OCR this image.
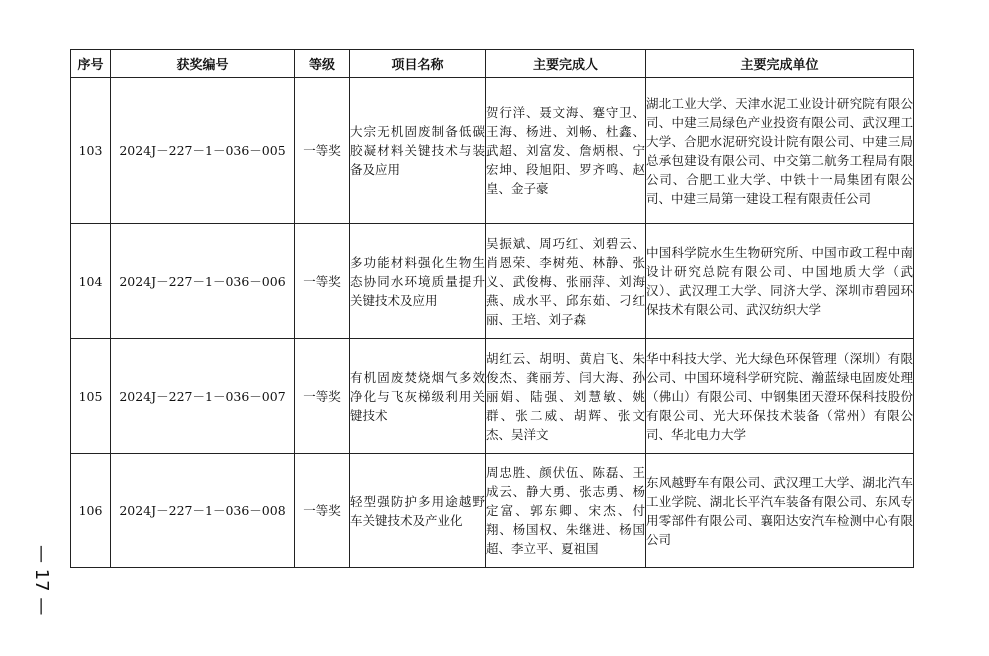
序号	获奖编号	等级	项目名称	主要完成人	主要完成单位
103	2024J－227－1－036－005	一等奖	大宗无机固废制备低碳胶凝材料关键技术与装备及应用	贺行洋、聂文海、蹇守卫、王海、杨进、刘畅、杜鑫、武超、刘富发、詹炳根、宁宏坤、段旭阳、罗齐鸣、赵皇、金子豪	湖北工业大学、天津水泥工业设计研究院有限公司、中建三局绿色产业投资有限公司、武汉理工大学、合肥水泥研究设计院有限公司、中建三局总承包建设有限公司、中交第二航务工程局有限公司、合肥工业大学、中铁十一局集团有限公司、中建三局第一建设工程有限责任公司
104	2024J－227－1－036－006	一等奖	多功能材料强化生物生态协同水环境质量提升关键技术及应用	吴振斌、周巧红、刘碧云、肖恩荣、李树苑、林静、张义、武俊梅、张丽萍、刘海燕、成水平、邱东茹、刁红丽、王培、刘子森	中国科学院水生生物研究所、中国市政工程中南设计研究总院有限公司、中国地质大学（武汉）、武汉理工大学、同济大学、深圳市碧园环保技术有限公司、武汉纺织大学
105	2024J－227－1－036－007	一等奖	有机固废焚烧烟气多效净化与飞灰梯级利用关键技术	胡红云、胡明、黄启飞、朱俊杰、龚丽芳、闫大海、孙丽娟、陆强、刘慧敏、姚群、张二威、胡辉、张文杰、吴洋文	华中科技大学、光大绿色环保管理（深圳）有限公司、中国环境科学研究院、瀚蓝绿电固废处理（佛山）有限公司、中钢集团天澄环保科技股份有限公司、光大环保技术装备（常州）有限公司、华北电力大学
106	2024J－227－1－036－008	一等奖	轻型强防护多用途越野车关键技术及产业化	周忠胜、颜伏伍、陈磊、王成云、静大勇、张志勇、杨定富、郭东卿、宋杰、付翔、杨国权、朱继进、杨国超、李立平、夏祖国	东风越野车有限公司、武汉理工大学、湖北汽车工业学院、湖北长平汽车装备有限公司、东风专用零部件有限公司、襄阳达安汽车检测中心有限公司
— 17 —
